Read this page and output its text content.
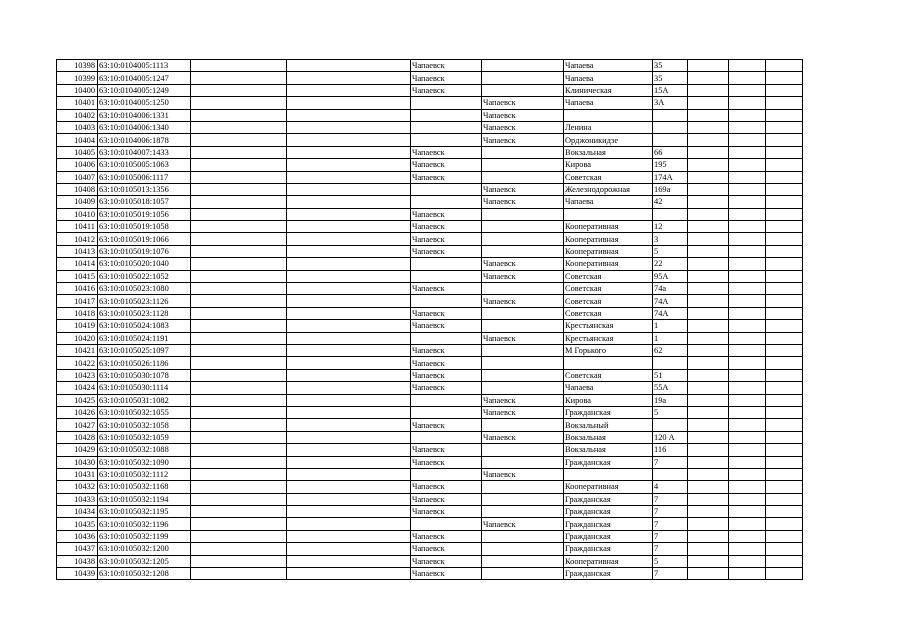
10398	63:10:0104005:1113			Чапаевск		Чапаева	35			
10399	63:10:0104005:1247			Чапаевск		Чапаева	35			
10400	63:10:0104005:1249			Чапаевск		Клиническая	15А			
10401	63:10:0104005:1250				Чапаевск	Чапаева	3А			
10402	63:10:0104006:1331				Чапаевск					
10403	63:10:0104006:1340				Чапаевск	Ленина				
10404	63:10:0104006:1878				Чапаевск	Орджоникидзе				
10405	63:10:0104007:1433			Чапаевск		Вокзальная	66			
10406	63:10:0105005:1063			Чапаевск		Кирова	195			
10407	63:10:0105006:1117			Чапаевск		Советская	174А			
10408	63:10:0105013:1356				Чапаевск	Железнодорожная	169а			
10409	63:10:0105018:1057				Чапаевск	Чапаева	42			
10410	63:10:0105019:1056			Чапаевск						
10411	63:10:0105019:1058			Чапаевск		Кооперативная	12			
10412	63:10:0105019:1066			Чапаевск		Кооперативная	3			
10413	63:10:0105019:1076			Чапаевск		Кооперативная	5			
10414	63:10:0105020:1040				Чапаевск	Кооперативная	22			
10415	63:10:0105022:1052				Чапаевск	Советская	95А			
10416	63:10:0105023:1080			Чапаевск		Советская	74а			
10417	63:10:0105023:1126				Чапаевск	Советская	74А			
10418	63:10:0105023:1128			Чапаевск		Советская	74А			
10419	63:10:0105024:1083			Чапаевск		Крестьянская	1			
10420	63:10:0105024:1191				Чапаевск	Крестьянская	1			
10421	63:10:0105025:1097			Чапаевск		М Горького	62			
10422	63:10:0105026:1186			Чапаевск						
10423	63:10:0105030:1078			Чапаевск		Советская	51			
10424	63:10:0105030:1114			Чапаевск		Чапаева	55А			
10425	63:10:0105031:1082				Чапаевск	Кирова	19а			
10426	63:10:0105032:1055				Чапаевск	Гражданская	5			
10427	63:10:0105032:1058			Чапаевск		Вокзальный				
10428	63:10:0105032:1059				Чапаевск	Вокзальная	120 А			
10429	63:10:0105032:1088			Чапаевск		Вокзальная	116			
10430	63:10:0105032:1090			Чапаевск		Гражданская	7			
10431	63:10:0105032:1112				Чапаевск					
10432	63:10:0105032:1168			Чапаевск		Кооперативная	4			
10433	63:10:0105032:1194			Чапаевск		Гражданская	7			
10434	63:10:0105032:1195			Чапаевск		Гражданская	7			
10435	63:10:0105032:1196				Чапаевск	Гражданская	7			
10436	63:10:0105032:1199			Чапаевск		Гражданская	7			
10437	63:10:0105032:1200			Чапаевск		Гражданская	7			
10438	63:10:0105032:1205			Чапаевск		Кооперативная	5			
10439	63:10:0105032:1208			Чапаевск		Гражданская	7			
